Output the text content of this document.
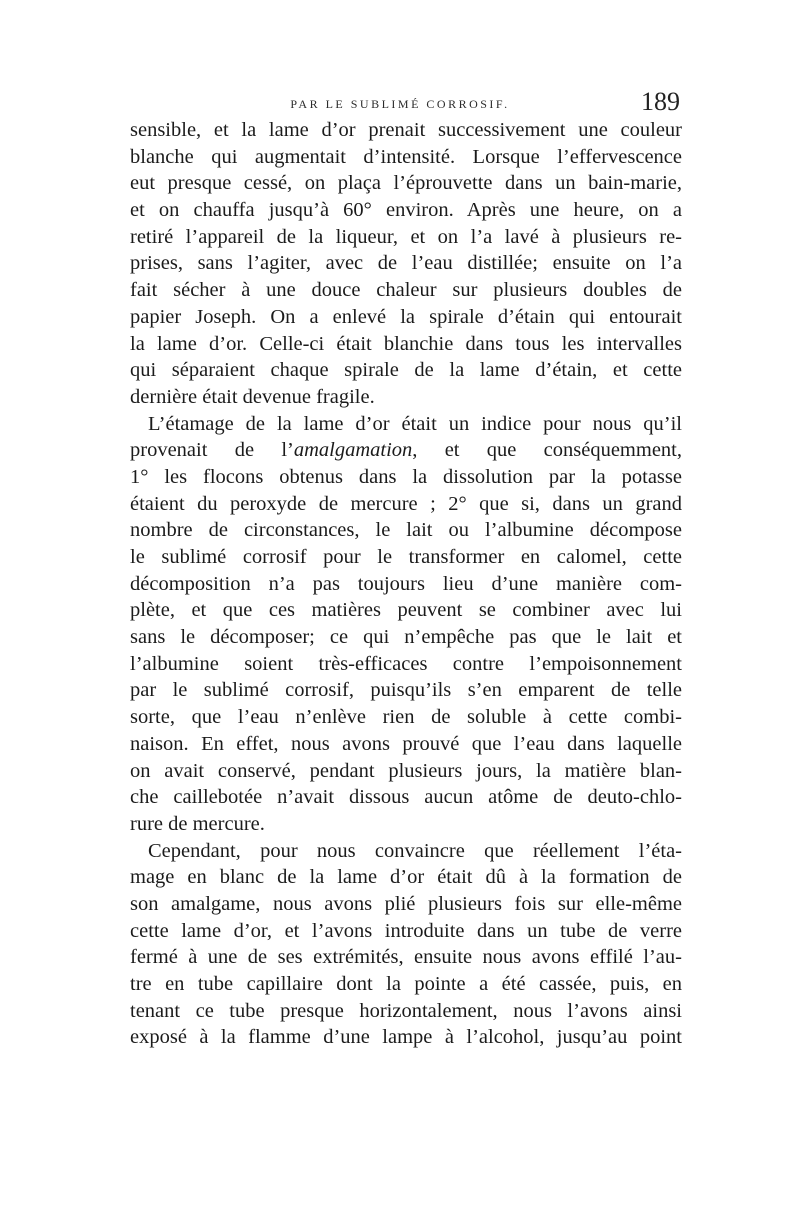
PAR LE SUBLIMÉ CORROSIF.	189
sensible, et la lame d’or prenait successivement une couleur
blanche qui augmentait d’intensité. Lorsque l’effervescence
eut presque cessé, on plaça l’éprouvette dans un bain-marie,
et on chauffa jusqu’à 60° environ. Après une heure, on a
retiré l’appareil de la liqueur, et on l’a lavé à plusieurs re-
prises, sans l’agiter, avec de l’eau distillée; ensuite on l’a
fait sécher à une douce chaleur sur plusieurs doubles de
papier Joseph. On a enlevé la spirale d’étain qui entourait
la lame d’or. Celle-ci était blanchie dans tous les intervalles
qui séparaient chaque spirale de la lame d’étain, et cette
dernière était devenue fragile.
L’étamage de la lame d’or était un indice pour nous qu’il
provenait de l’amalgamation, et que conséquemment,
1° les flocons obtenus dans la dissolution par la potasse
étaient du peroxyde de mercure ; 2° que si, dans un grand
nombre de circonstances, le lait ou l’albumine décompose
le sublimé corrosif pour le transformer en calomel, cette
décomposition n’a pas toujours lieu d’une manière com-
plète, et que ces matières peuvent se combiner avec lui
sans le décomposer; ce qui n’empêche pas que le lait et
l’albumine soient très-efficaces contre l’empoisonnement
par le sublimé corrosif, puisqu’ils s’en emparent de telle
sorte, que l’eau n’enlève rien de soluble à cette combi-
naison. En effet, nous avons prouvé que l’eau dans laquelle
on avait conservé, pendant plusieurs jours, la matière blan-
che caillebotée n’avait dissous aucun atôme de deuto-chlo-
rure de mercure.
Cependant, pour nous convaincre que réellement l’éta-
mage en blanc de la lame d’or était dû à la formation de
son amalgame, nous avons plié plusieurs fois sur elle-même
cette lame d’or, et l’avons introduite dans un tube de verre
fermé à une de ses extrémités, ensuite nous avons effilé l’au-
tre en tube capillaire dont la pointe a été cassée, puis, en
tenant ce tube presque horizontalement, nous l’avons ainsi
exposé à la flamme d’une lampe à l’alcohol, jusqu’au point
